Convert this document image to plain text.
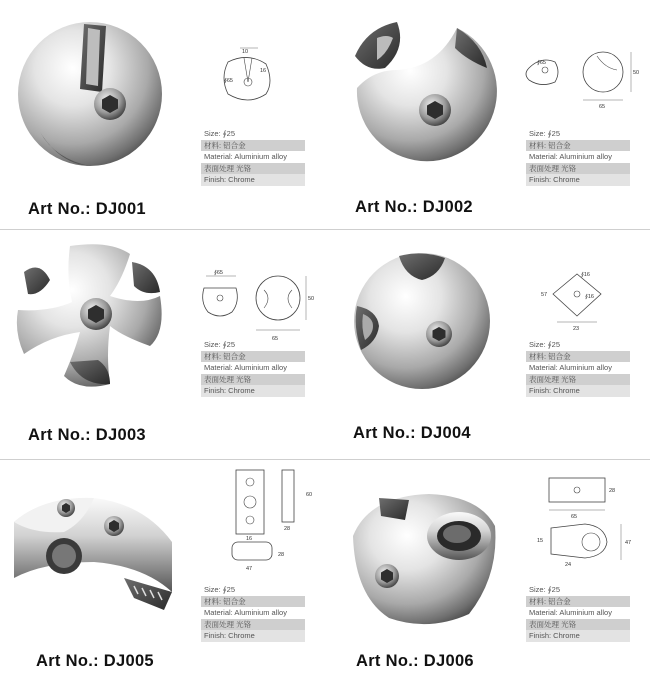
10
∮65
16
Size: ∮25
材料: 铝合金
Material: Aluminium alloy
表面处理 光铬
Finish: Chrome
Art No.: DJ001
∮65
50
65
Size: ∮25
材料: 铝合金
Material: Aluminium alloy
表面处理 光铬
Finish: Chrome
Art No.: DJ002
∮65
50
65
Size: ∮25
材料: 铝合金
Material: Aluminium alloy
表面处理 光铬
Finish: Chrome
Art No.: DJ003
∮16
∮16
23
57
Size: ∮25
材料: 铝合金
Material: Aluminium alloy
表面处理 光铬
Finish: Chrome
Art No.: DJ004
16
47
28
60
28
Size: ∮25
材料: 铝合金
Material: Aluminium alloy
表面处理 光铬
Finish: Chrome
Art No.: DJ005
65
28
15
24
47
Size: ∮25
材料: 铝合金
Material: Aluminium alloy
表面处理 光铬
Finish: Chrome
Art No.: DJ006
